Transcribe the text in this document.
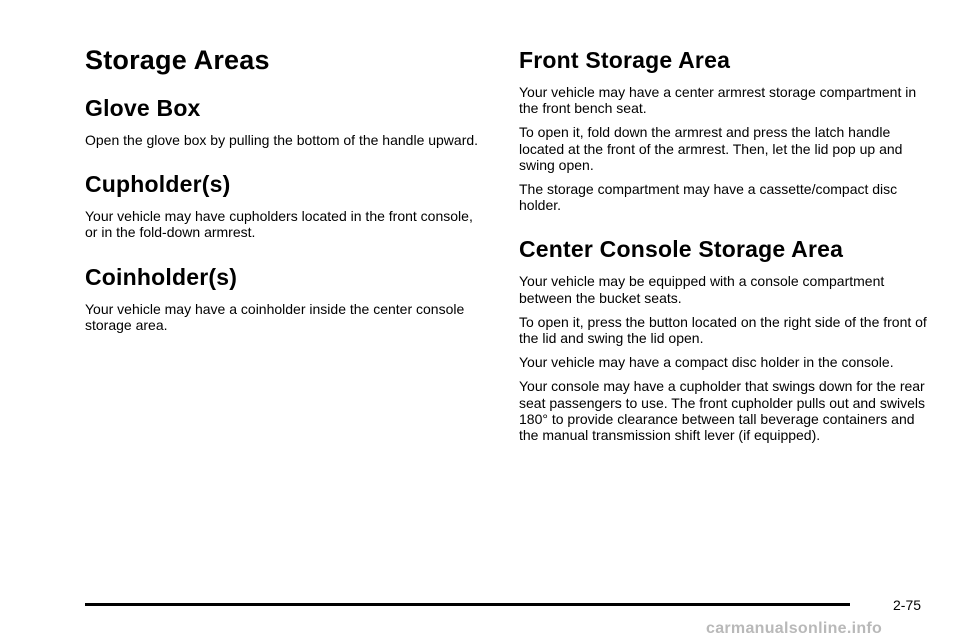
Storage Areas
Glove Box

Open the glove box by pulling the bottom of the handle upward.

Cupholder(s)

Your vehicle may have cupholders located in the front console, or in the fold-down armrest.

Coinholder(s)

Your vehicle may have a coinholder inside the center console storage area.

Front Storage Area

Your vehicle may have a center armrest storage compartment in the front bench seat.

To open it, fold down the armrest and press the latch handle located at the front of the armrest. Then, let the lid pop up and swing open.

The storage compartment may have a cassette/compact disc holder.

Center Console Storage Area

Your vehicle may be equipped with a console compartment between the bucket seats.

To open it, press the button located on the right side of the front of the lid and swing the lid open.

Your vehicle may have a compact disc holder in the console.

Your console may have a cupholder that swings down for the rear seat passengers to use. The front cupholder pulls out and swivels 180° to provide clearance between tall beverage containers and the manual transmission shift lever (if equipped).

2-75
carmanualsonline.info
